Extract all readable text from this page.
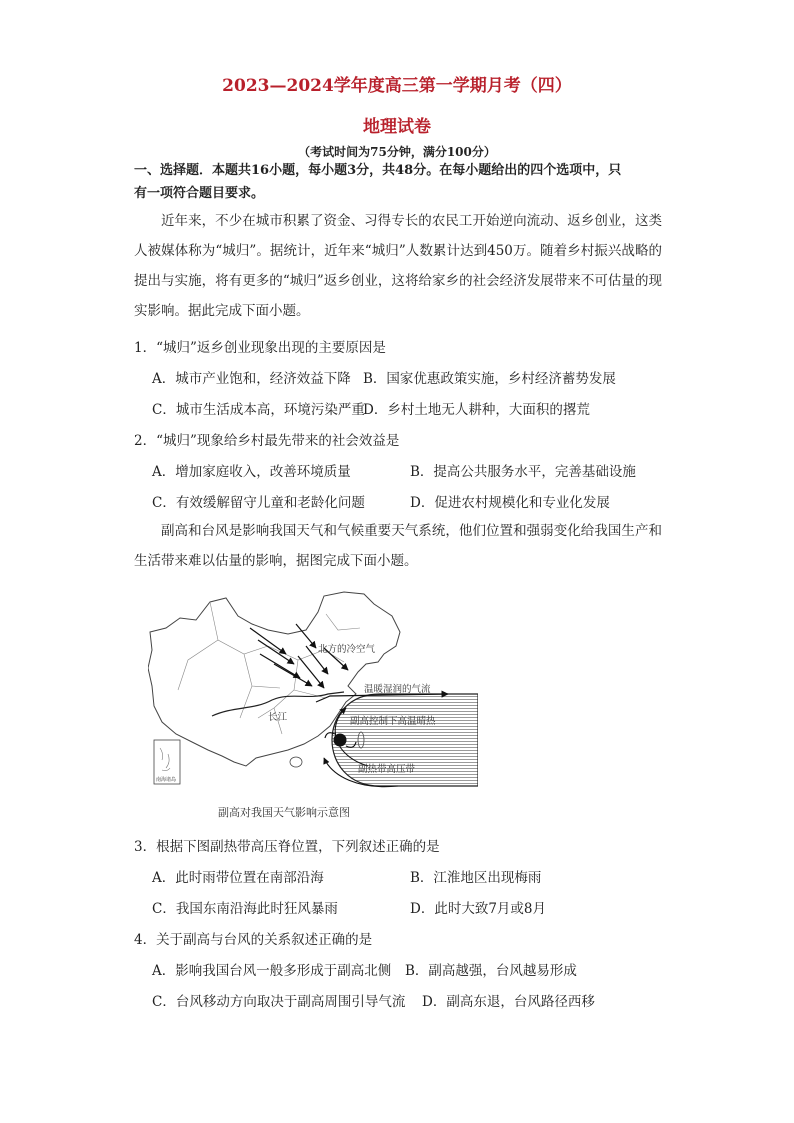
2023—2024学年度高三第一学期月考（四）
地理试卷
（考试时间为75分钟，满分100分）
一、选择题．本题共16小题，每小题3分，共48分。在每小题给出的四个选项中，只
有一项符合题目要求。
近年来，不少在城市积累了资金、习得专长的农民工开始逆向流动、返乡创业，这类人被媒体称为“城归”。据统计，近年来“城归”人数累计达到450万。随着乡村振兴战略的提出与实施，将有更多的“城归”返乡创业，这将给家乡的社会经济发展带来不可估量的现实影响。据此完成下面小题。
1．“城归”返乡创业现象出现的主要原因是
A．城市产业饱和，经济效益下降 B．国家优惠政策实施，乡村经济蓄势发展
C．城市生活成本高，环境污染严重
D．乡村土地无人耕种，大面积的撂荒
2．“城归”现象给乡村最先带来的社会效益是
A．增加家庭收入，改善环境质量	B．提高公共服务水平，完善基础设施
C．有效缓解留守儿童和老龄化问题	D．促进农村规模化和专业化发展
副高和台风是影响我国天气和气候重要天气系统，他们位置和强弱变化给我国生产和生活带来难以估量的影响，据图完成下面小题。
南海诸岛
北方的冷空气
温暖湿润的气流
长江	副高控制下高温晴热
副热带高压带
副高对我国天气影响示意图
3．根据下图副热带高压脊位置，下列叙述正确的是
A．此时雨带位置在南部沿海	B．江淮地区出现梅雨
C．我国东南沿海此时狂风暴雨	D．此时大致7月或8月
4．关于副高与台风的关系叙述正确的是
A．影响我国台风一般多形成于副高北侧 B．副高越强，台风越易形成
C．台风移动方向取决于副高周围引导气流 D．副高东退，台风路径西移
